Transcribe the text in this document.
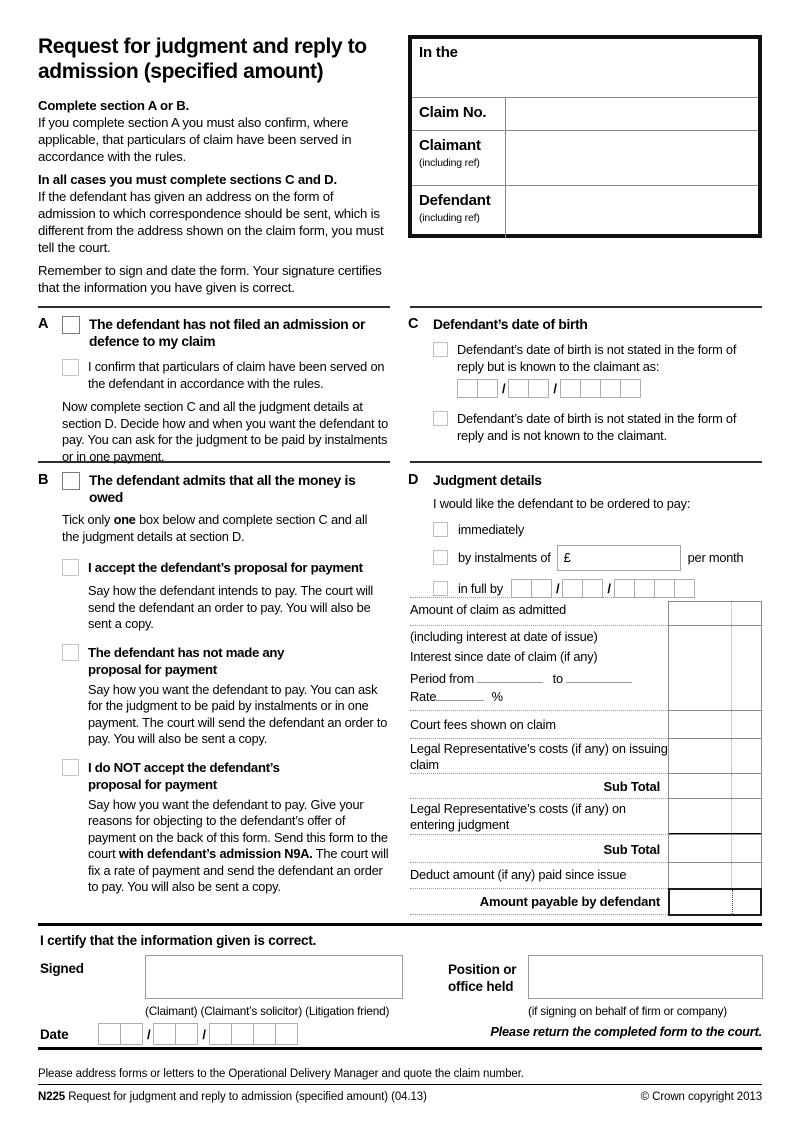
Request for judgment and reply to admission (specified amount)

Complete section A or B.
If you complete section A you must also confirm, where applicable, that particulars of claim have been served in accordance with the rules.

In all cases you must complete sections C and D.
If the defendant has given an address on the form of admission to which correspondence should be sent, which is different from the address shown on the claim form, you must tell the court.

Remember to sign and date the form. Your signature certifies that the information you have given is correct.

In the
Claim No.
Claimant
(including ref)
Defendant
(including ref)
A	The defendant has not filed an admission or defence to my claim
I confirm that particulars of claim have been served on the defendant in accordance with the rules.

Now complete section C and all the judgment details at section D. Decide how and when you want the defendant to pay. You can ask for the judgment to be paid by instalments or in one payment.

C	Defendant’s date of birth
Defendant’s date of birth is not stated in the form of reply but is known to the claimant as:
/	/
Defendant’s date of birth is not stated in the form of reply and is not known to the claimant.
B	The defendant admits that all the money is owed

Tick only one box below and complete section C and all the judgment details at section D.

I accept the defendant’s proposal for payment

Say how the defendant intends to pay. The court will send the defendant an order to pay. You will also be sent a copy.

The defendant has not made any proposal for payment

Say how you want the defendant to pay. You can ask for the judgment to be paid by instalments or in one payment. The court will send the defendant an order to pay. You will also be sent a copy.

I do NOT accept the defendant’s proposal for payment

Say how you want the defendant to pay. Give your reasons for objecting to the defendant’s offer of payment on the back of this form. Send this form to the court with defendant’s admission N9A. The court will fix a rate of payment and send the defendant an order to pay. You will also be sent a copy.

D	Judgment details

I would like the defendant to be ordered to pay:

immediately
by instalments of	£	per month
in full by	/	/
Amount of claim as admitted
(including interest at date of issue)
Interest since date of claim (if any)
Period from	to
Rate	%
Court fees shown on claim
Legal Representative’s costs (if any) on issuing claim
Sub Total
Legal Representative’s costs (if any) on entering judgment
Sub Total
Deduct amount (if any) paid since issue
Amount payable by defendant
I certify that the information given is correct.
Signed
(Claimant) (Claimant’s solicitor) (Litigation friend)
Position or office held
(if signing on behalf of firm or company)
Please return the completed form to the court.
Date	/	/
Please address forms or letters to the Operational Delivery Manager and quote the claim number.
N225 Request for judgment and reply to admission (specified amount) (04.13)	© Crown copyright 2013
